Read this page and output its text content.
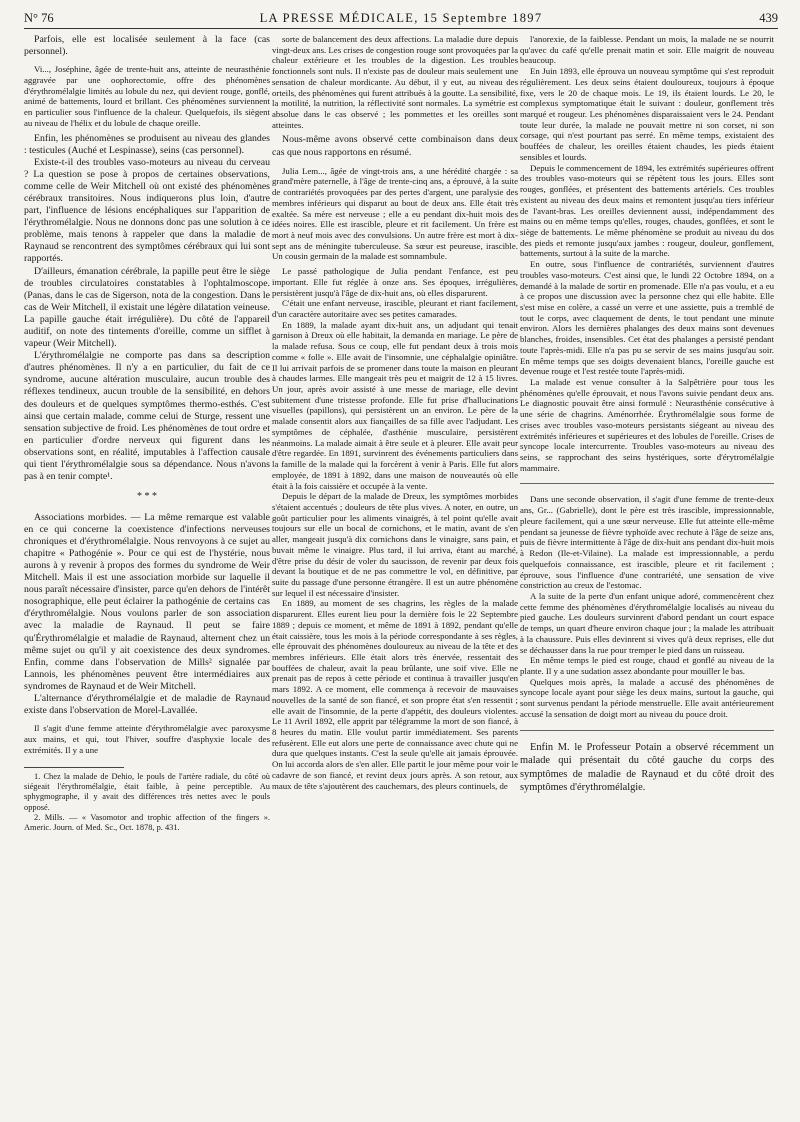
N° 76	LA PRESSE MÉDICALE, 15 Septembre 1897	439

Parfois, elle est localisée seulement à la face (cas personnel).

Vi..., Joséphine, âgée de trente-huit ans, atteinte de neurasthénie aggravée par une oophorectomie, offre des phénomènes d'érythromélalgie limités au lobule du nez, qui devient rouge, gonflé, animé de battements, lourd et brillant. Ces phénomènes surviennent en particulier sous l'influence de la chaleur. Quelquefois, ils siègent au niveau de l'hélix et du lobule de chaque oreille.

Enfin, les phénomènes se produisent au niveau des glandes : testicules (Auché et Lespinasse), seins (cas personnel).

Existe-t-il des troubles vaso-moteurs au niveau du cerveau ? La question se pose à propos de certaines observations, comme celle de Weir Mitchell où ont existé des phénomènes cérébraux transitoires. Nous indiquerons plus loin, d'autre part, l'influence de lésions encéphaliques sur l'apparition de l'érythromélalgie. Nous ne donnons donc pas une solution à ce problème, mais tenons à rappeler que dans la maladie de Raynaud se rencontrent des symptômes cérébraux qui lui sont rapportés.

D'ailleurs, émanation cérébrale, la papille peut être le siège de troubles circulatoires constatables à l'ophtalmoscope. (Panas, dans le cas de Sigerson, nota de la congestion. Dans le cas de Weir Mitchell, il existait une légère dilatation veineuse. La papille gauche était irrégulière). Du côté de l'appareil auditif, on note des tintements d'oreille, comme un sifflet à vapeur (Weir Mitchell).

L'érythromélalgie ne comporte pas dans sa description d'autres phénomènes. Il n'y a en particulier, du fait de ce syndrome, aucune altération musculaire, aucun trouble des réflexes tendineux, aucun trouble de la sensibilité, en dehors des douleurs et de quelques symptômes thermo-esthés. C'est ainsi que certain malade, comme celui de Sturge, ressent une sensation subjective de froid. Les phénomènes de tout ordre et en particulier d'ordre nerveux qui figurent dans les observations sont, en réalité, imputables à l'affection causale qui tient l'érythromélalgie sous sa dépendance. Nous n'avons pas à en tenir compte¹.

* * *

Associations morbides. — La même remarque est valable en ce qui concerne la coexistence d'infections nerveuses chroniques et d'érythromélalgie. Nous renvoyons à ce sujet au chapitre « Pathogénie ». Pour ce qui est de l'hystérie, nous aurons à y revenir à propos des formes du syndrome de Weir Mitchell. Mais il est une association morbide sur laquelle il nous paraît nécessaire d'insister, parce qu'en dehors de l'intérêt nosographique, elle peut éclairer la pathogénie de certains cas d'érythromélalgie. Nous voulons parler de son association avec la maladie de Raynaud. Il peut se faire qu'Érythromélalgie et maladie de Raynaud, alternent chez un même sujet ou qu'il y ait coexistence des deux syndromes. Enfin, comme dans l'observation de Mills² signalée par Lannois, les phénomènes peuvent être intermédiaires aux syndromes de Raynaud et de Weir Mitchell.

L'alternance d'érythromélalgie et de maladie de Raynaud existe dans l'observation de Morel-Lavallée.

Il s'agit d'une femme atteinte d'érythromélalgie avec paroxysme aux mains, et qui, tout l'hiver, souffre d'asphyxie locale des extrémités. Il y a une

1. Chez la malade de Dehio, le pouls de l'artère radiale, du côté où siégeait l'érythromélalgie, était faible, à peine perceptible. Au sphygmographe, il y avait des différences très nettes avec le pouls opposé.

2. Mills. — « Vasomotor and trophic affection of the fingers ». Americ. Journ. of Med. Sc., Oct. 1878, p. 431.

sorte de balancement des deux affections. La maladie dure depuis vingt-deux ans. Les crises de congestion rouge sont provoquées par la chaleur extérieure et les troubles de la digestion. Les troubles fonctionnels sont nuls. Il n'existe pas de douleur mais seulement une sensation de chaleur mordicante. Au début, il y eut, au niveau des orteils, des phénomènes qui furent attribués à la goutte. La sensibilité, la motilité, la nutrition, la réflectivité sont normales. La symétrie est absolue dans le cas observé ; les pommettes et les oreilles sont atteintes.

Nous-même avons observé cette combinaison dans deux cas que nous rapportons en résumé.

Julia Lem..., âgée de vingt-trois ans, a une hérédité chargée : sa grand'mère paternelle, à l'âge de trente-cinq ans, a éprouvé, à la suite de contrariétés provoquées par des pertes d'argent, une paralysie des membres inférieurs qui disparut au bout de deux ans. Elle était très exaltée. Sa mère est nerveuse ; elle a eu pendant dix-huit mois des idées noires. Elle est irascible, pleure et rit facilement. Un frère est mort à neuf mois avec des convulsions. Un autre frère est mort à dix-sept ans de méningite tuberculeuse. Sa sœur est peureuse, irascible. Un cousin germain de la malade est somnambule.

Le passé pathologique de Julia pendant l'enfance, est peu important. Elle fut réglée à onze ans. Ses époques, irrégulières, persistèrent jusqu'à l'âge de dix-huit ans, où elles disparurent.

C'était une enfant nerveuse, irascible, pleurant et riant facilement, d'un caractère autoritaire avec ses petites camarades.

En 1889, la malade ayant dix-huit ans, un adjudant qui tenait garnison à Dreux où elle habitait, la demanda en mariage. Le père de la malade refusa. Sous ce coup, elle fut pendant deux à trois mois comme « folle ». Elle avait de l'insomnie, une céphalalgie opiniâtre. Il lui arrivait parfois de se promener dans toute la maison en pleurant à chaudes larmes. Elle mangeait très peu et maigrit de 12 à 15 livres. Un jour, après avoir assisté à une messe de mariage, elle devint subitement d'une tristesse profonde. Elle fut prise d'hallucinations visuelles (papillons), qui persistèrent un an environ. Le père de la malade consentit alors aux fiançailles de sa fille avec l'adjudant. Les symptômes de céphalée, d'asthénie musculaire, persistèrent néanmoins. La malade aimait à être seule et à pleurer. Elle avait peur d'être regardée. En 1891, survinrent des événements particuliers dans la famille de la malade qui la forcèrent à venir à Paris. Elle fut alors employée, de 1891 à 1892, dans une maison de nouveautés où elle était à la fois caissière et occupée à la vente.

Depuis le départ de la malade de Dreux, les symptômes morbides s'étaient accentués ; douleurs de tête plus vives. A noter, en outre, un goût particulier pour les aliments vinaigrés, à tel point qu'elle avait toujours sur elle un bocal de cornichons, et le matin, avant de s'en aller, mangeait jusqu'à dix cornichons dans le vinaigre, sans pain, et buvait même le vinaigre. Plus tard, il lui arriva, étant au marché, d'être prise du désir de voler du saucisson, de revenir par deux fois devant la boutique et de ne pas commettre le vol, en définitive, par suite du passage d'une personne étrangère. Il est un autre phénomène sur lequel il est nécessaire d'insister.

En 1889, au moment de ses chagrins, les règles de la malade disparurent. Elles eurent lieu pour la dernière fois le 22 Septembre 1889 ; depuis ce moment, et même de 1891 à 1892, pendant qu'elle était caissière, tous les mois à la période correspondante à ses règles, elle éprouvait des phénomènes douloureux au niveau de la tête et des membres inférieurs. Elle était alors très énervée, ressentait des bouffées de chaleur, avait la peau brûlante, une soif vive. Elle ne prenait pas de repos à cette période et continua à travailler jusqu'en mars 1892. A ce moment, elle commença à recevoir de mauvaises nouvelles de la santé de son fiancé, et son propre état s'en ressentit ; elle avait de l'insomnie, de la perte d'appétit, des douleurs violentes. Le 11 Avril 1892, elle apprit par télégramme la mort de son fiancé, à 8 heures du matin. Elle voulut partir immédiatement. Ses parents refusèrent. Elle eut alors une perte de connaissance avec chute qui ne dura que quelques instants. C'est la seule qu'elle ait jamais éprouvée. On lui accorda alors de s'en aller. Elle partit le jour même pour voir le cadavre de son fiancé, et revint deux jours après. A son retour, aux maux de tête s'ajoutèrent des cauchemars, des pleurs continuels, de

l'anorexie, de la faiblesse. Pendant un mois, la malade ne se nourrit qu'avec du café qu'elle prenait matin et soir. Elle maigrit de nouveau beaucoup.

En Juin 1893, elle éprouva un nouveau symptôme qui s'est reproduit régulièrement. Les deux seins étaient douloureux, toujours à époque fixe, vers le 20 de chaque mois. Le 19, ils étaient lourds. Le 20, le complexus symptomatique était le suivant : douleur, gonflement très marqué et rougeur. Les phénomènes disparaissaient vers le 24. Pendant toute leur durée, la malade ne pouvait mettre ni son corset, ni son corsage, qui n'est pourtant pas serré. En même temps, existaient des bouffées de chaleur, les oreilles étaient chaudes, les pieds étaient sensibles et lourds.

Depuis le commencement de 1894, les extrémités supérieures offrent des troubles vaso-moteurs qui se répètent tous les jours. Elles sont rouges, gonflées, et présentent des battements artériels. Ces troubles existent au niveau des deux mains et remontent jusqu'au tiers inférieur de l'avant-bras. Les oreilles deviennent aussi, indépendamment des mains ou en même temps qu'elles, rouges, chaudes, gonflées, et sont le siège de battements. Le même phénomène se produit au niveau du dos des pieds et remonte jusqu'aux jambes : rougeur, douleur, gonflement, battements, surtout à la suite de la marche.

En outre, sous l'influence de contrariétés, surviennent d'autres troubles vaso-moteurs. C'est ainsi que, le lundi 22 Octobre 1894, on a demandé à la malade de sortir en promenade. Elle n'a pas voulu, et a eu à ce propos une discussion avec la personne chez qui elle habite. Elle s'est mise en colère, a cassé un verre et une assiette, puis a tremblé de tout le corps, avec claquement de dents, le tout pendant une minute environ. Alors les dernières phalanges des deux mains sont devenues blanches, froides, insensibles. Cet état des phalanges a persisté pendant toute l'après-midi. Elle n'a pas pu se servir de ses mains jusqu'au soir. En même temps que ses doigts devenaient blancs, l'oreille gauche est devenue rouge et l'est restée toute l'après-midi.

La malade est venue consulter à la Salpêtrière pour tous les phénomènes qu'elle éprouvait, et nous l'avons suivie pendant deux ans. Le diagnostic pouvait être ainsi formulé : Neurasthénie consécutive à une série de chagrins. Aménorrhée. Érythromélalgie sous forme de crises avec troubles vaso-moteurs persistants siégeant au niveau des extrémités inférieures et supérieures et des lobules de l'oreille. Crises de syncope locale intercurrente. Troubles vaso-moteurs au niveau des seins, se rapprochant des seins hystériques, sorte d'érytromélalgie mammaire.

Dans une seconde observation, il s'agit d'une femme de trente-deux ans, Gr... (Gabrielle), dont le père est très irascible, impressionnable, pleure facilement, qui a une sœur nerveuse. Elle fut atteinte elle-même pendant sa jeunesse de fièvre typhoïde avec rechute à l'âge de seize ans, puis de fièvre intermittente à l'âge de dix-huit ans pendant dix-huit mois à Redon (Ile-et-Vilaine). La malade est impressionnable, a perdu quelquefois connaissance, est irascible, pleure et rit facilement ; éprouve, sous l'influence d'une contrariété, une sensation de vive constriction au creux de l'estomac.

A la suite de la perte d'un enfant unique adoré, commencèrent chez cette femme des phénomènes d'érythromélalgie localisés au niveau du pied gauche. Les douleurs survinrent d'abord pendant un court espace de temps, un quart d'heure environ chaque jour ; la malade les attribuait à la chaussure. Puis elles devinrent si vives qu'à deux reprises, elle dut se déchausser dans la rue pour tremper le pied dans un ruisseau.

En même temps le pied est rouge, chaud et gonflé au niveau de la plante. Il y a une sudation assez abondante pour mouiller le bas.

Quelques mois après, la malade a accusé des phénomènes de syncope locale ayant pour siège les deux mains, surtout la gauche, qui sont survenus pendant la période menstruelle. Elle avait antérieurement accusé la sensation de doigt mort au niveau du pouce droit.

Enfin M. le Professeur Potain a observé récemment un malade qui présentait du côté gauche du corps des symptômes de maladie de Raynaud et du côté droit des symptômes d'érythromélalgie.
